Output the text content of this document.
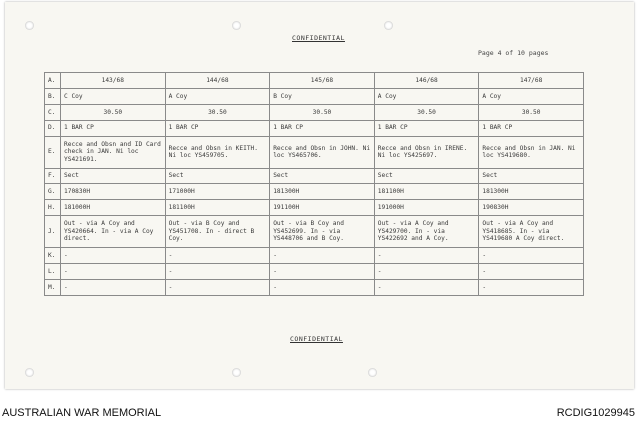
CONFIDENTIAL
Page 4 of 10 pages
A.	143/68	144/68	145/68	146/68	147/68
B.	C Coy	A Coy	B Coy	A Coy	A Coy
C.	30.50	30.50	30.50	30.50	30.50
D.	1 BAR CP	1 BAR CP	1 BAR CP	1 BAR CP	1 BAR CP
E.	Recce and Obsn and ID Card check in JAN. Ni loc YS421691.	Recce and Obsn in KEITH. Ni loc YS459705.	Recce and Obsn in JOHN. Ni loc YS465706.	Recce and Obsn in IRENE. Ni loc YS425697.	Recce and Obsn in JAN. Ni loc YS419680.
F.	Sect	Sect	Sect	Sect	Sect
G.	170830H	171000H	181300H	181100H	181300H
H.	181000H	181100H	191100H	191000H	190830H
J.	Out - via A Coy and YS420664. In - via A Coy direct.	Out - via B Coy and YS451708. In - direct B Coy.	Out - via B Coy and YS452699. In - via YS448706 and B Coy.	Out - via A Coy and YS429700. In - via YS422692 and A Coy.	Out - via A Coy and YS418685. In - via YS419680 A Coy direct.
K.	-	-	-	-	-
L.	-	-	-	-	-
M.	-	-	-	-	-
CONFIDENTIAL
AUSTRALIAN WAR MEMORIAL	RCDIG1029945
